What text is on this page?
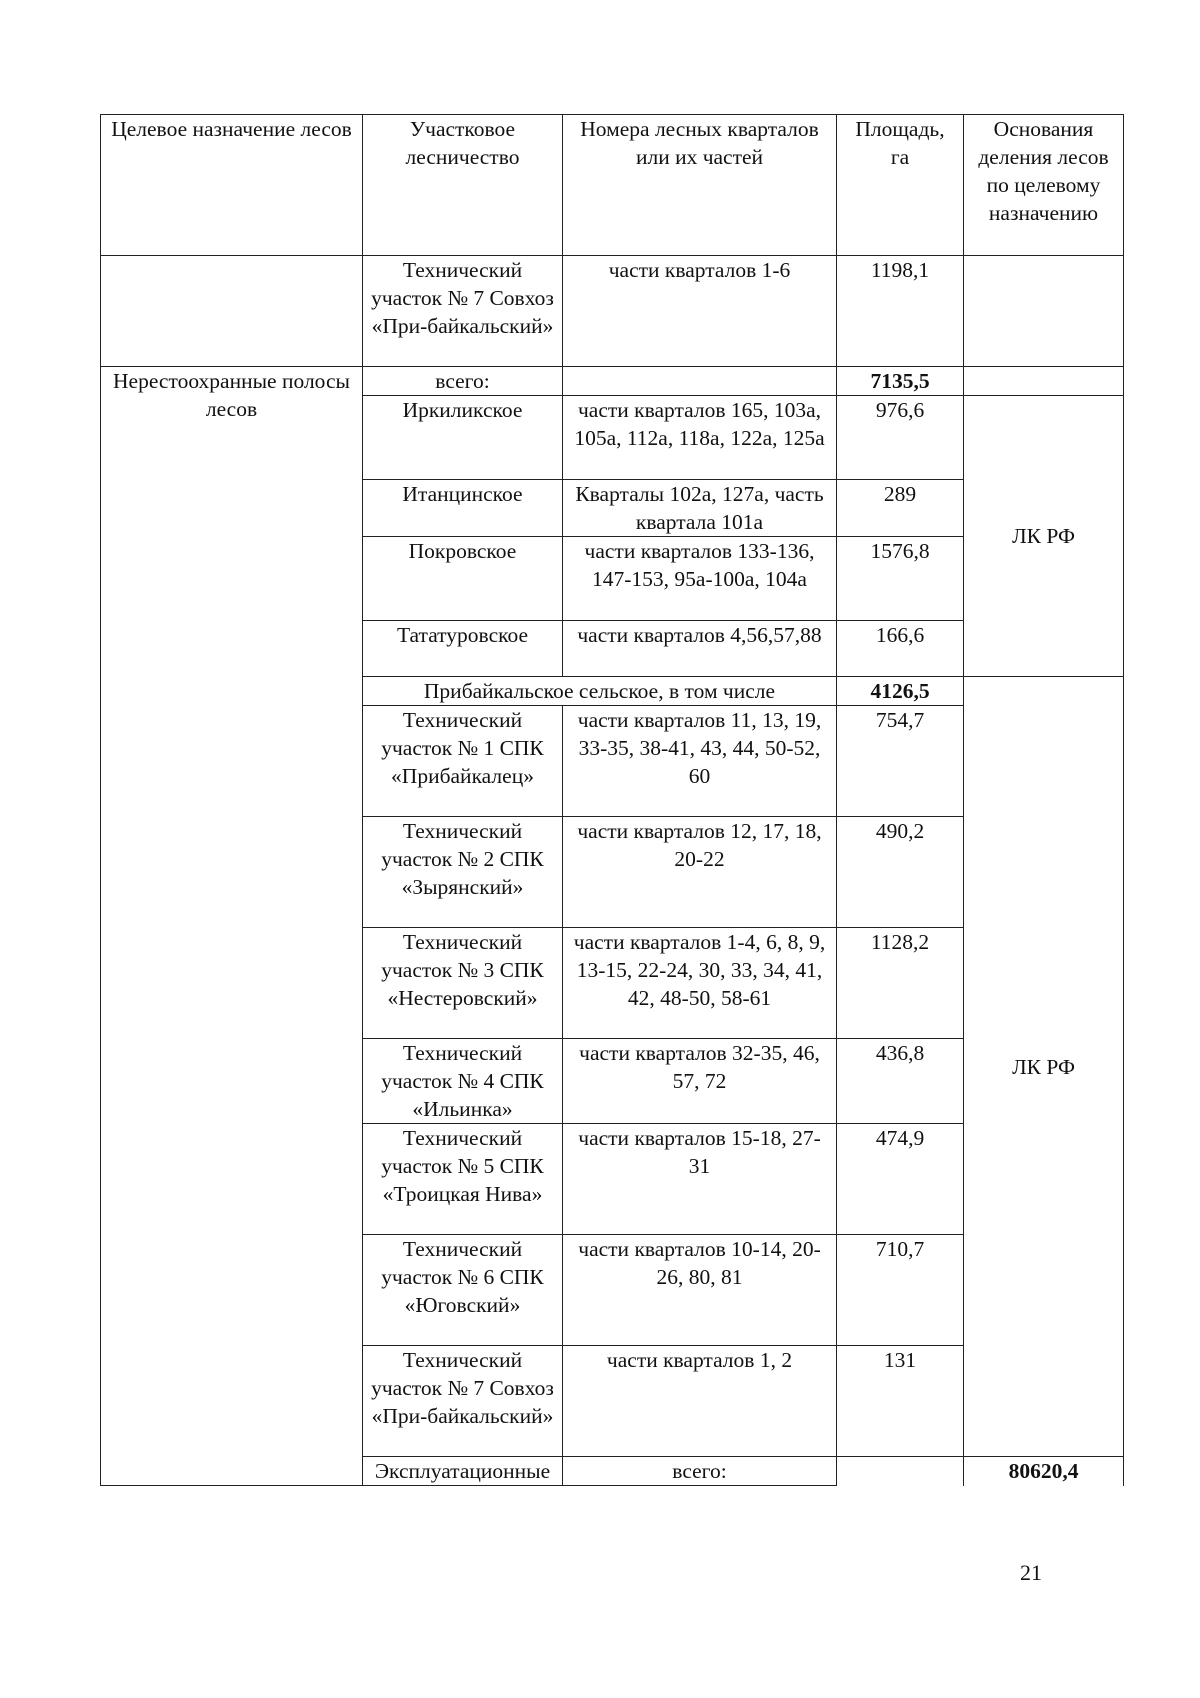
Целевое назначение лесов	Участковое лесничество	Номера лесных кварталов или их частей	Площадь, га	Основания деления лесов по целевому назначению	
	Технический участок № 7 Совхоз «При-байкальский»	части кварталов 1-6	1198,1		
Нерестоохранные полосы лесов	всего:		7135,5		
	Иркиликское	части кварталов 165, 103а, 105а, 112а, 118а, 122а, 125а	976,6	ЛК РФ	
	Итанцинское	Кварталы 102а, 127а, часть квартала 101а	289		
	Покровское	части кварталов 133-136, 147-153, 95а-100а, 104а	1576,8		
	Тататуровское	части кварталов 4,56,57,88	166,6		
	Прибайкальское сельское, в том числе		4126,5	ЛК РФ	
	Технический участок № 1 СПК «Прибайкалец»	части кварталов 11, 13, 19, 33-35, 38-41, 43, 44, 50-52, 60	754,7		
	Технический участок № 2 СПК «Зырянский»	части кварталов 12, 17, 18, 20-22	490,2		
	Технический участок № 3 СПК «Нестеровский»	части кварталов 1-4, 6, 8, 9, 13-15, 22-24, 30, 33, 34, 41, 42, 48-50, 58-61	1128,2		
	Технический участок № 4 СПК «Ильинка»	части кварталов 32-35, 46, 57, 72	436,8		
	Технический участок № 5 СПК «Троицкая Нива»	части кварталов 15-18, 27-31	474,9		
	Технический участок № 6 СПК «Юговский»	части кварталов 10-14, 20-26, 80, 81	710,7		
	Технический участок № 7 Совхоз «При-байкальский»	части кварталов 1, 2	131		
	Эксплуатационные	всего:		80620,4	
21
